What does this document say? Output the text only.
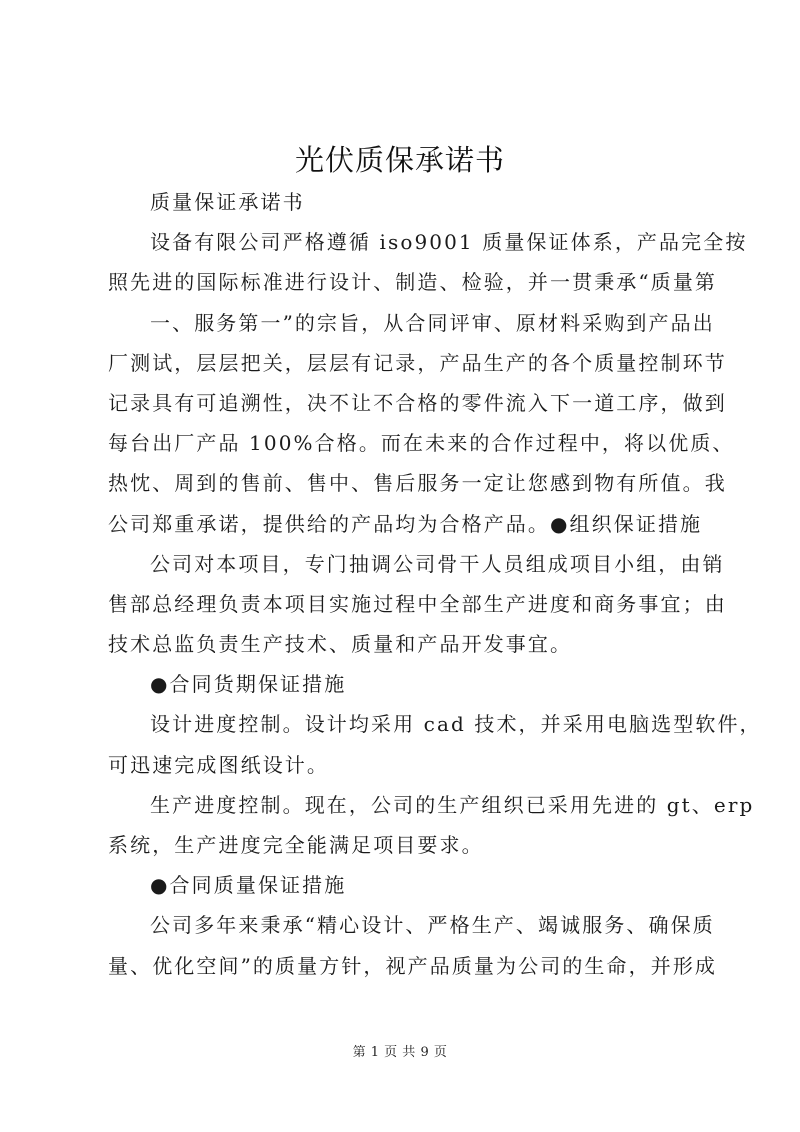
光伏质保承诺书
质量保证承诺书
设备有限公司严格遵循 iso9001 质量保证体系，产品完全按
照先进的国际标准进行设计、制造、检验，并一贯秉承“质量第
一、服务第一”的宗旨，从合同评审、原材料采购到产品出
厂测试，层层把关，层层有记录，产品生产的各个质量控制环节
记录具有可追溯性，决不让不合格的零件流入下一道工序，做到
每台出厂产品 100%合格。而在未来的合作过程中，将以优质、
热忱、周到的售前、售中、售后服务一定让您感到物有所值。我
公司郑重承诺，提供给的产品均为合格产品。●组织保证措施
公司对本项目，专门抽调公司骨干人员组成项目小组，由销
售部总经理负责本项目实施过程中全部生产进度和商务事宜；由
技术总监负责生产技术、质量和产品开发事宜。
●合同货期保证措施
设计进度控制。设计均采用 cad 技术，并采用电脑选型软件，
可迅速完成图纸设计。
生产进度控制。现在，公司的生产组织已采用先进的 gt、erp
系统，生产进度完全能满足项目要求。
●合同质量保证措施
公司多年来秉承“精心设计、严格生产、竭诚服务、确保质
量、优化空间”的质量方针，视产品质量为公司的生命，并形成
第 1 页 共 9 页
